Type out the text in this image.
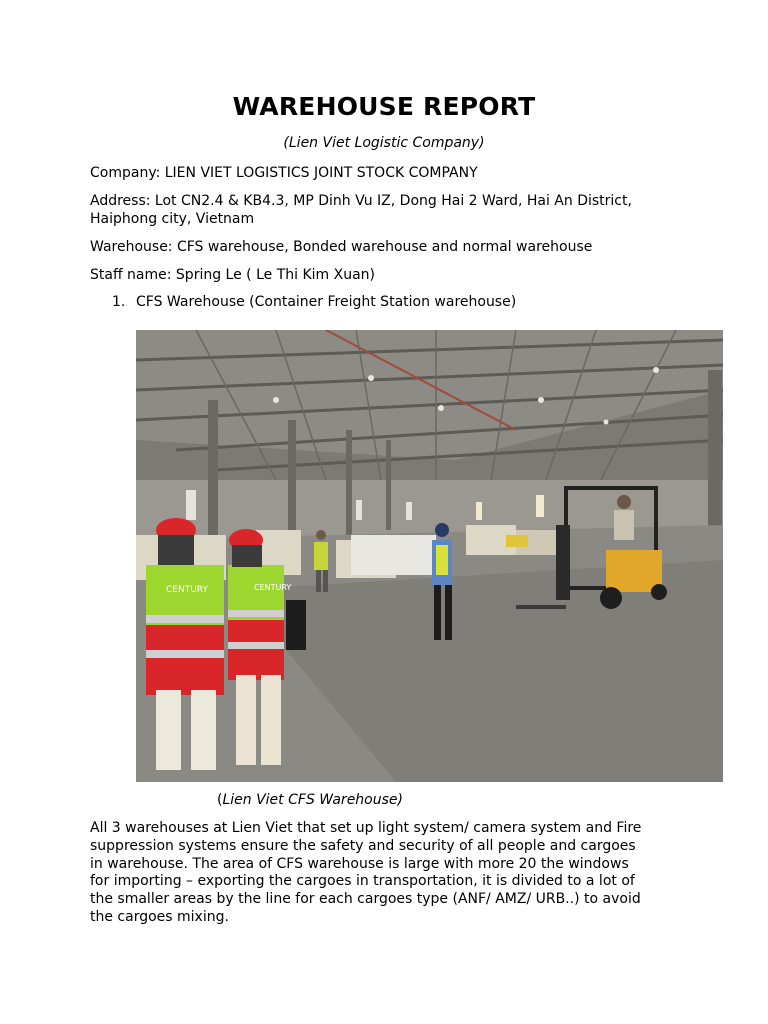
WAREHOUSE REPORT
(Lien Viet Logistic Company)
Company: LIEN VIET LOGISTICS JOINT STOCK COMPANY
Address: Lot CN2.4 & KB4.3, MP Dinh Vu IZ, Dong Hai 2 Ward, Hai An District, Haiphong city, Vietnam
Warehouse: CFS warehouse, Bonded warehouse and normal warehouse
Staff name: Spring Le ( Le Thi Kim Xuan)
1. CFS Warehouse (Container Freight Station warehouse)
CENTURY	CENTURY
(Lien Viet CFS Warehouse)
All 3 warehouses at Lien Viet that set up light system/ camera system and Fire suppression systems ensure the safety and security of all people and cargoes in warehouse. The area of CFS warehouse is large with more 20 the windows for importing – exporting the cargoes in transportation, it is divided to a lot of the smaller areas by the line for each cargoes type (ANF/ AMZ/ URB..) to avoid the cargoes mixing.
